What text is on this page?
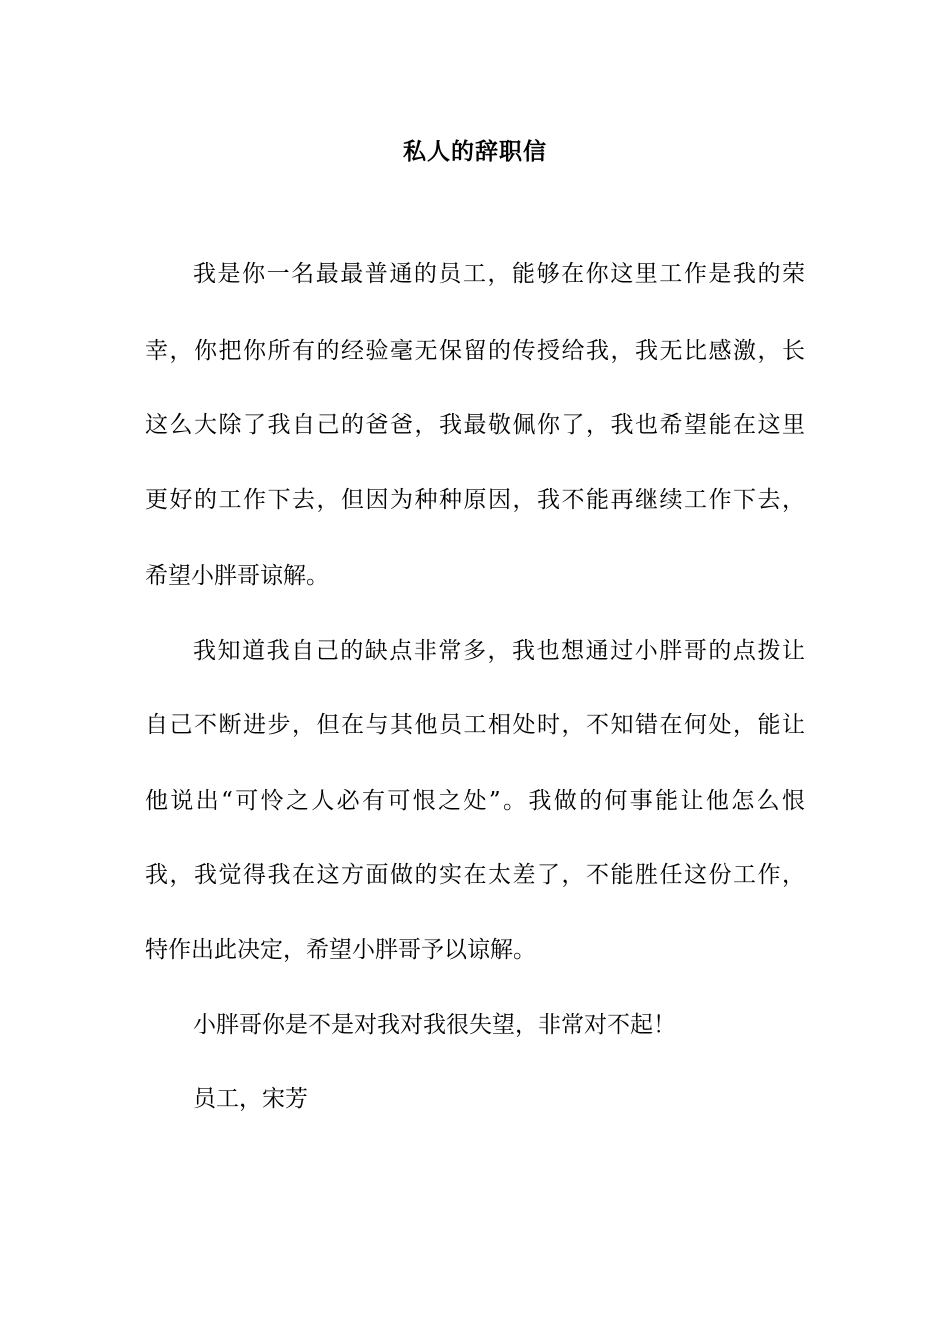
私人的辞职信
我是你一名最最普通的员工，能够在你这里工作是我的荣
幸，你把你所有的经验毫无保留的传授给我，我无比感激，长
这么大除了我自己的爸爸，我最敬佩你了，我也希望能在这里
更好的工作下去，但因为种种原因，我不能再继续工作下去，
希望小胖哥谅解。
我知道我自己的缺点非常多，我也想通过小胖哥的点拨让
自己不断进步，但在与其他员工相处时，不知错在何处，能让
他说出“可怜之人必有可恨之处”。我做的何事能让他怎么恨
我，我觉得我在这方面做的实在太差了，不能胜任这份工作，
特作出此决定，希望小胖哥予以谅解。
小胖哥你是不是对我对我很失望，非常对不起！
员工，宋芳
